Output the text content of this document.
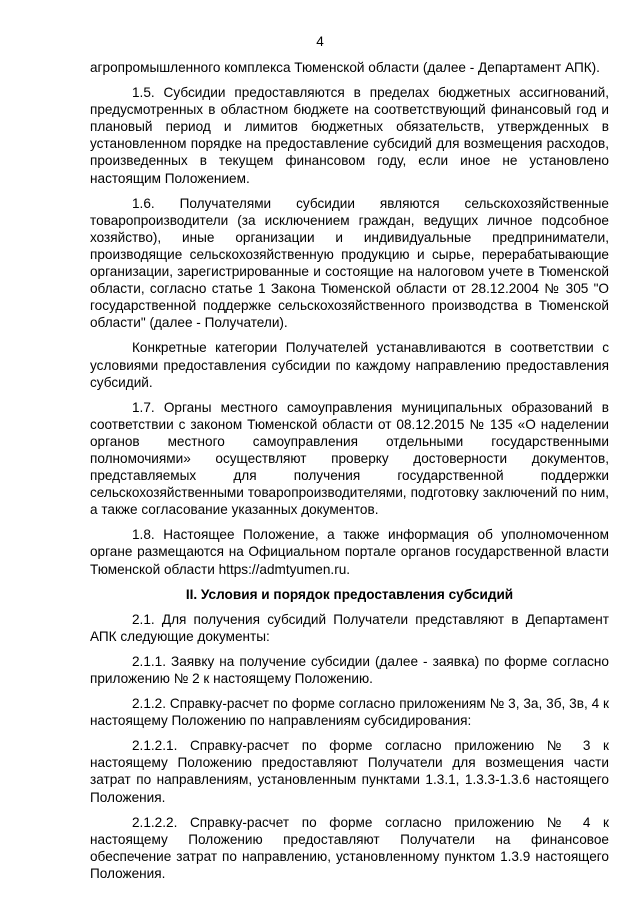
4

агропромышленного комплекса Тюменской области (далее - Департамент АПК).

1.5. Субсидии предоставляются в пределах бюджетных ассигнований, предусмотренных в областном бюджете на соответствующий финансовый год и плановый период и лимитов бюджетных обязательств, утвержденных в установленном порядке на предоставление субсидий для возмещения расходов, произведенных в текущем финансовом году, если иное не установлено настоящим Положением.

1.6. Получателями субсидии являются сельскохозяйственные товаропроизводители (за исключением граждан, ведущих личное подсобное хозяйство), иные организации и индивидуальные предприниматели, производящие сельскохозяйственную продукцию и сырье, перерабатывающие организации, зарегистрированные и состоящие на налоговом учете в Тюменской области, согласно статье 1 Закона Тюменской области от 28.12.2004 № 305 "О государственной поддержке сельскохозяйственного производства в Тюменской области" (далее - Получатели).

Конкретные категории Получателей устанавливаются в соответствии с условиями предоставления субсидии по каждому направлению предоставления субсидий.

1.7. Органы местного самоуправления муниципальных образований в соответствии с законом Тюменской области от 08.12.2015 № 135 «О наделении органов местного самоуправления отдельными государственными полномочиями» осуществляют проверку достоверности документов, представляемых для получения государственной поддержки сельскохозяйственными товаропроизводителями, подготовку заключений по ним, а также согласование указанных документов.

1.8. Настоящее Положение, а также информация об уполномоченном органе размещаются на Официальном портале органов государственной власти Тюменской области https://admtyumen.ru.

II. Условия и порядок предоставления субсидий

2.1. Для получения субсидий Получатели представляют в Департамент АПК следующие документы:

2.1.1. Заявку на получение субсидии (далее - заявка) по форме согласно приложению № 2 к настоящему Положению.

2.1.2. Справку-расчет по форме согласно приложениям № 3, 3а, 3б, 3в, 4 к настоящему Положению по направлениям субсидирования:

2.1.2.1. Справку-расчет по форме согласно приложению № 3 к настоящему Положению предоставляют Получатели для возмещения части затрат по направлениям, установленным пунктами 1.3.1, 1.3.3-1.3.6 настоящего Положения.

2.1.2.2. Справку-расчет по форме согласно приложению № 4 к настоящему Положению предоставляют Получатели на финансовое обеспечение затрат по направлению, установленному пунктом 1.3.9 настоящего Положения.
